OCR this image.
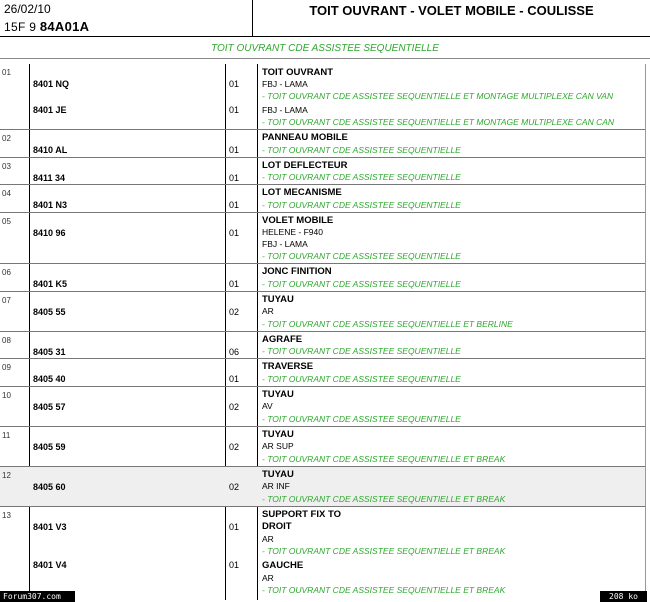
26/02/10
15F 9 84A01A
TOIT OUVRANT - VOLET MOBILE - COULISSE
TOIT OUVRANT CDE ASSISTEE SEQUENTIELLE
01
8401 NQ	01
TOIT OUVRANT
FBJ - LAMA
- TOIT OUVRANT CDE ASSISTEE SEQUENTIELLE ET MONTAGE MULTIPLEXE CAN VAN
8401 JE	01	FBJ - LAMA
- TOIT OUVRANT CDE ASSISTEE SEQUENTIELLE ET MONTAGE MULTIPLEXE CAN CAN
02
8410 AL	01
PANNEAU MOBILE
- TOIT OUVRANT CDE ASSISTEE SEQUENTIELLE
03
8411 34	01
LOT DEFLECTEUR
- TOIT OUVRANT CDE ASSISTEE SEQUENTIELLE
04
8401 N3	01
LOT MECANISME
- TOIT OUVRANT CDE ASSISTEE SEQUENTIELLE
05
8410 96	01
VOLET MOBILE
HELENE - F940
FBJ - LAMA
- TOIT OUVRANT CDE ASSISTEE SEQUENTIELLE
06
8401 K5	01
JONC FINITION
- TOIT OUVRANT CDE ASSISTEE SEQUENTIELLE
07
8405 55	02
TUYAU
AR
- TOIT OUVRANT CDE ASSISTEE SEQUENTIELLE ET BERLINE
08
8405 31	06
AGRAFE
- TOIT OUVRANT CDE ASSISTEE SEQUENTIELLE
09
8405 40	01
TRAVERSE
- TOIT OUVRANT CDE ASSISTEE SEQUENTIELLE
10
8405 57	02
TUYAU
AV
- TOIT OUVRANT CDE ASSISTEE SEQUENTIELLE
11
8405 59	02
TUYAU
AR SUP
- TOIT OUVRANT CDE ASSISTEE SEQUENTIELLE ET BREAK
12
8405 60	02
TUYAU
AR INF
- TOIT OUVRANT CDE ASSISTEE SEQUENTIELLE ET BREAK
13	SUPPORT FIX TO
8401 V3	01 DROIT
AR
- TOIT OUVRANT CDE ASSISTEE SEQUENTIELLE ET BREAK
8401 V4	01 GAUCHE
AR
- TOIT OUVRANT CDE ASSISTEE SEQUENTIELLE ET BREAK
Forum307.com	208 ko
